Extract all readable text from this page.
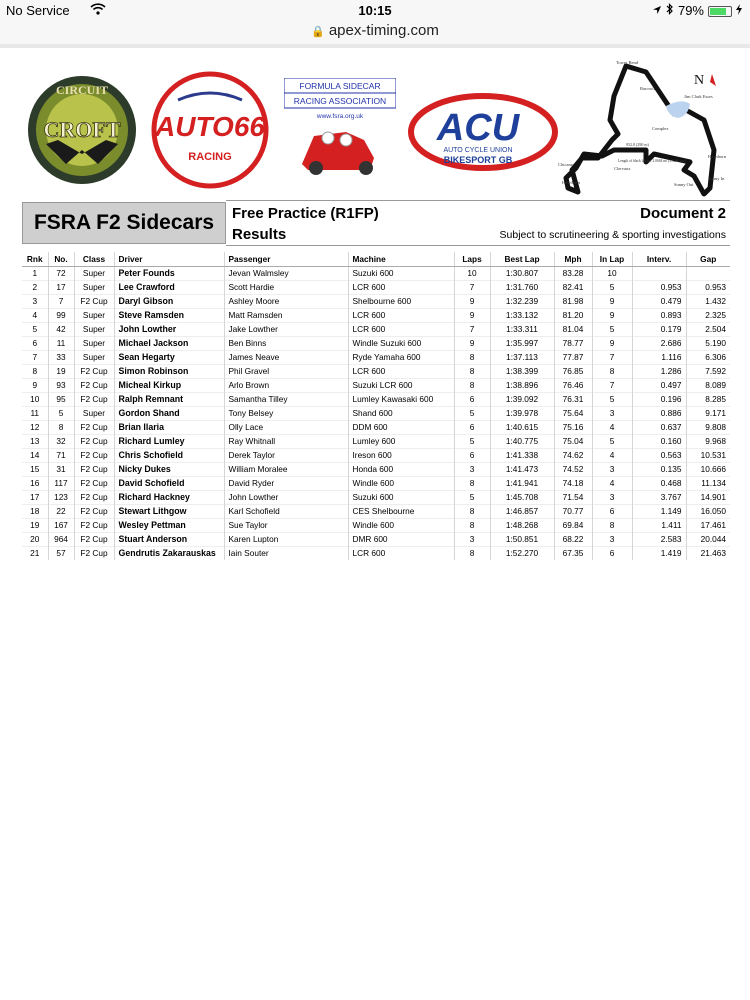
No Service	10:15	79%
🔒 apex-timing.com
CIRCUIT
CROFT AUTO66
RACING
FORMULA SIDECAR
RACING ASSOCIATION
www.fsra.org.uk ACU
AUTO CYCLE UNION
BIKESPORT GB
N
Tower Bend
Barcroft
Jim Clark Esses
Complex
Hawthorn
Sunny In
Sunny Out
Chicane
Hawthorn
Clervaux
952.8 (290 m)
Length of black layout: 2.0684 mi (3.3286 km)
FSRA F2 Sidecars	Free Practice (R1FP)
Results
Document 2
Subject to scrutineering & sporting investigations
Rnk	No.	Class	Driver	Passenger	Machine	Laps	Best Lap	Mph	In Lap	Interv.	Gap
1	72	Super	Peter Founds	Jevan Walmsley	Suzuki 600	10	1:30.807	83.28	10		
2	17	Super	Lee Crawford	Scott Hardie	LCR 600	7	1:31.760	82.41	5	0.953	0.953
3	7	F2 Cup	Daryl Gibson	Ashley Moore	Shelbourne 600	9	1:32.239	81.98	9	0.479	1.432
4	99	Super	Steve Ramsden	Matt Ramsden	LCR 600	9	1:33.132	81.20	9	0.893	2.325
5	42	Super	John Lowther	Jake Lowther	LCR 600	7	1:33.311	81.04	5	0.179	2.504
6	11	Super	Michael Jackson	Ben Binns	Windle Suzuki 600	9	1:35.997	78.77	9	2.686	5.190
7	33	Super	Sean Hegarty	James Neave	Ryde Yamaha 600	8	1:37.113	77.87	7	1.116	6.306
8	19	F2 Cup	Simon Robinson	Phil Gravel	LCR 600	8	1:38.399	76.85	8	1.286	7.592
9	93	F2 Cup	Micheal Kirkup	Arlo Brown	Suzuki LCR 600	8	1:38.896	76.46	7	0.497	8.089
10	95	F2 Cup	Ralph Remnant	Samantha Tilley	Lumley Kawasaki 600	6	1:39.092	76.31	5	0.196	8.285
11	5	Super	Gordon Shand	Tony Belsey	Shand 600	5	1:39.978	75.64	3	0.886	9.171
12	8	F2 Cup	Brian Ilaria	Olly Lace	DDM 600	6	1:40.615	75.16	4	0.637	9.808
13	32	F2 Cup	Richard Lumley	Ray Whitnall	Lumley 600	5	1:40.775	75.04	5	0.160	9.968
14	71	F2 Cup	Chris Schofield	Derek Taylor	Ireson 600	6	1:41.338	74.62	4	0.563	10.531
15	31	F2 Cup	Nicky Dukes	William Moralee	Honda 600	3	1:41.473	74.52	3	0.135	10.666
16	117	F2 Cup	David Schofield	David Ryder	Windle 600	8	1:41.941	74.18	4	0.468	11.134
17	123	F2 Cup	Richard Hackney	John Lowther	Suzuki 600	5	1:45.708	71.54	3	3.767	14.901
18	22	F2 Cup	Stewart Lithgow	Karl Schofield	CES Shelbourne	8	1:46.857	70.77	6	1.149	16.050
19	167	F2 Cup	Wesley Pettman	Sue Taylor	Windle 600	8	1:48.268	69.84	8	1.411	17.461
20	964	F2 Cup	Stuart Anderson	Karen Lupton	DMR 600	3	1:50.851	68.22	3	2.583	20.044
21	57	F2 Cup	Gendrutis Zakarauskas	Iain Souter	LCR 600	8	1:52.270	67.35	6	1.419	21.463
